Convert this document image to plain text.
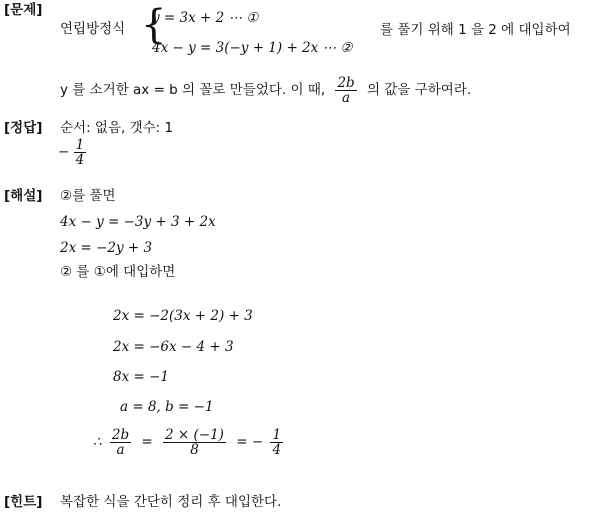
[문제]
연립방정식 {
y = 3x + 2 ⋯ ①
4x − y = 3(−y + 1) + 2x ⋯ ②
를 풀기 위해 1 을 2 에 대입하여
y 를 소거한 ax = b 의 꼴로 만들었다. 이 때, $\frac{2b}{a}$ 의 값을 구하여라.
[정답] 순서: 없음, 갯수: 1
− $\frac{1}{4}$
[해설] ②를 풀면
4x − y = −3y + 3 + 2x
2x = −2y + 3
② 를 ①에 대입하면
2x = −2(3x + 2) + 3
2x = −6x − 4 + 3
8x = −1
a = 8, b = −1
∴ $\frac{2b}{a} = \frac{2 \times (-1)}{8}$ = − $\frac{1}{4}$
[힌트] 복잡한 식을 간단히 정리 후 대입한다.
